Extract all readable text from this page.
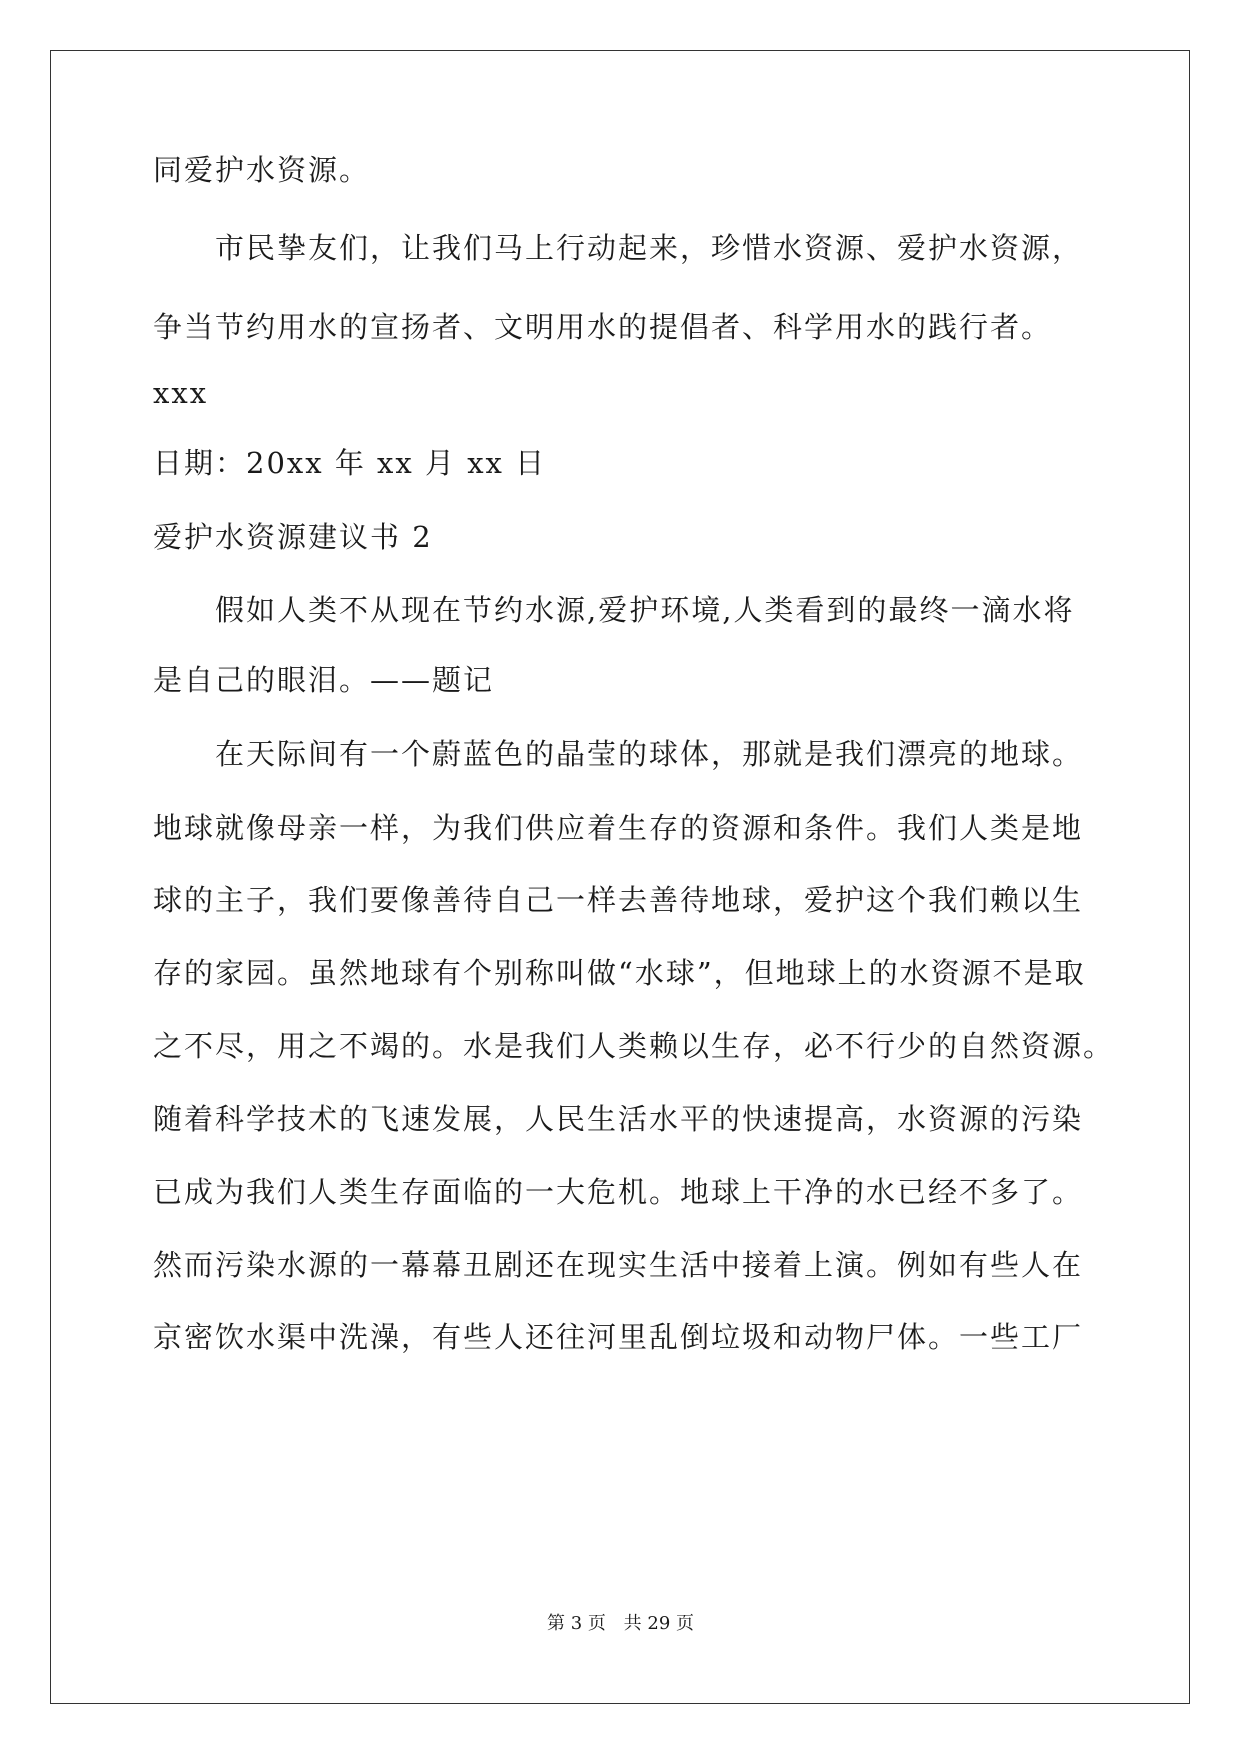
同爱护水资源。
市民挚友们，让我们马上行动起来，珍惜水资源、爱护水资源，
争当节约用水的宣扬者、文明用水的提倡者、科学用水的践行者。
xxx
日期：20xx 年 xx 月 xx 日
爱护水资源建议书 2
假如人类不从现在节约水源,爱护环境,人类看到的最终一滴水将
是自己的眼泪。——题记
在天际间有一个蔚蓝色的晶莹的球体，那就是我们漂亮的地球。
地球就像母亲一样，为我们供应着生存的资源和条件。我们人类是地
球的主子，我们要像善待自己一样去善待地球，爱护这个我们赖以生
存的家园。虽然地球有个别称叫做“水球”，但地球上的水资源不是取
之不尽，用之不竭的。水是我们人类赖以生存，必不行少的自然资源。
随着科学技术的飞速发展，人民生活水平的快速提高，水资源的污染
已成为我们人类生存面临的一大危机。地球上干净的水已经不多了。
然而污染水源的一幕幕丑剧还在现实生活中接着上演。例如有些人在
京密饮水渠中洗澡，有些人还往河里乱倒垃圾和动物尸体。一些工厂
第 3 页 共 29 页
